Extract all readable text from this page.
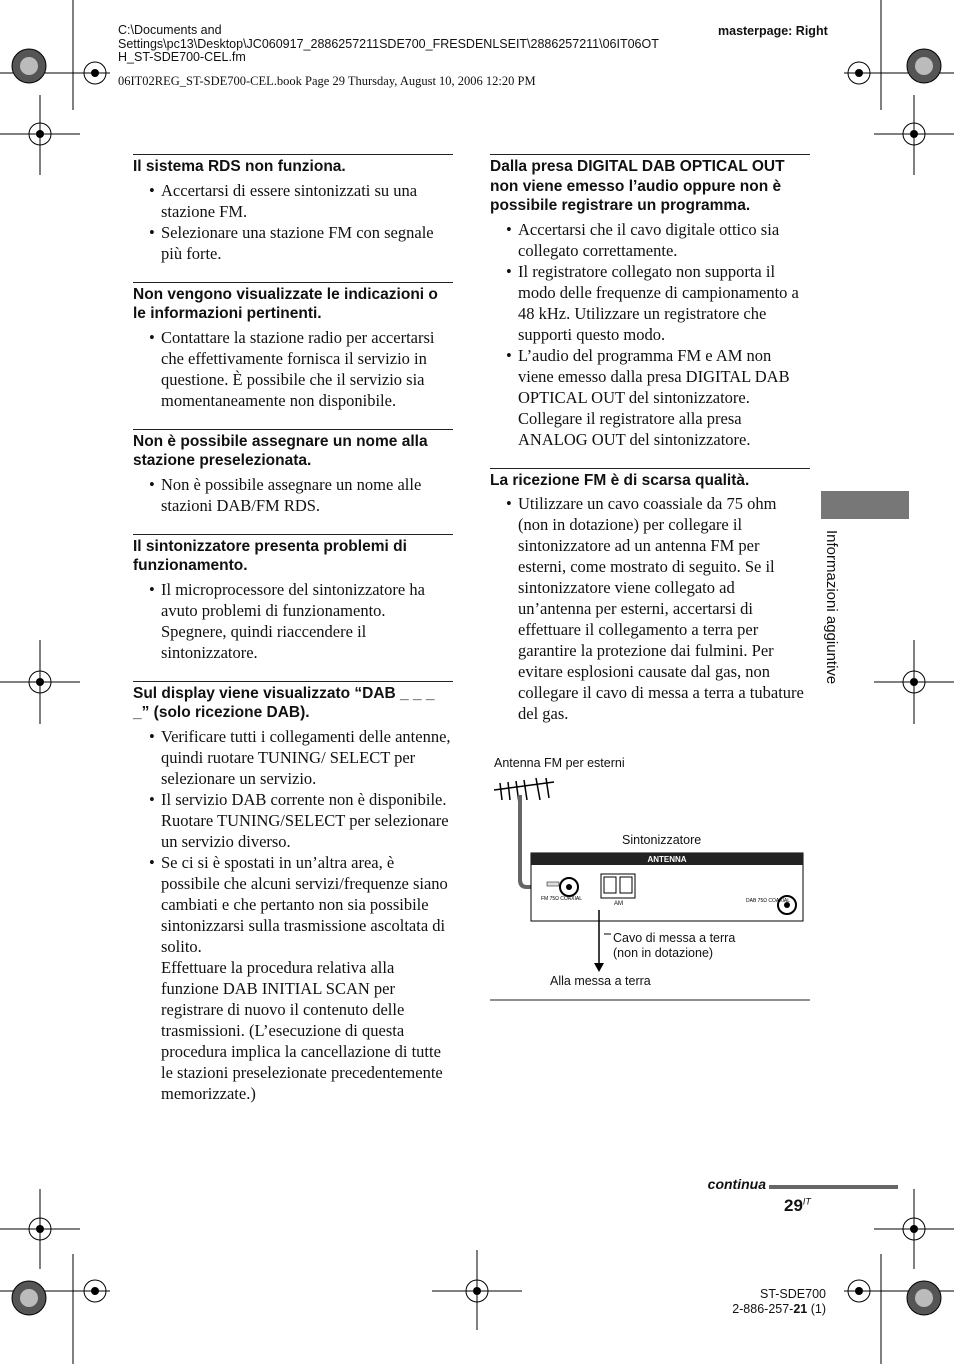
C:\Documents and
Settings\pc13\Desktop\JC060917_2886257211SDE700_FRESDENLSEIT\2886257211\06IT06OT
H_ST-SDE700-CEL.fm
masterpage: Right
06IT02REG_ST-SDE700-CEL.book Page 29 Thursday, August 10, 2006 12:20 PM
Il sistema RDS non funziona.
• Accertarsi di essere sintonizzati su una stazione FM.
• Selezionare una stazione FM con segnale più forte.
Non vengono visualizzate le indicazioni o le informazioni pertinenti.
• Contattare la stazione radio per accertarsi che effettivamente fornisca il servizio in questione. È possibile che il servizio sia momentaneamente non disponibile.
Non è possibile assegnare un nome alla stazione preselezionata.
• Non è possibile assegnare un nome alle stazioni DAB/FM RDS.
Il sintonizzatore presenta problemi di funzionamento.
• Il microprocessore del sintonizzatore ha avuto problemi di funzionamento. Spegnere, quindi riaccendere il sintonizzatore.
Sul display viene visualizzato “DAB _ _ _ _” (solo ricezione DAB).
• Verificare tutti i collegamenti delle antenne, quindi ruotare TUNING/ SELECT per selezionare un servizio.
• Il servizio DAB corrente non è disponibile.
Ruotare TUNING/SELECT per selezionare un servizio diverso.
• Se ci si è spostati in un’altra area, è possibile che alcuni servizi/frequenze siano cambiati e che pertanto non sia possibile sintonizzarsi sulla trasmissione ascoltata di solito.
Effettuare la procedura relativa alla funzione DAB INITIAL SCAN per registrare di nuovo il contenuto delle trasmissioni. (L’esecuzione di questa procedura implica la cancellazione di tutte le stazioni preselezionate precedentemente memorizzate.)
Dalla presa DIGITAL DAB OPTICAL OUT non viene emesso l’audio oppure non è possibile registrare un programma.
• Accertarsi che il cavo digitale ottico sia collegato correttamente.
• Il registratore collegato non supporta il modo delle frequenze di campionamento a 48 kHz. Utilizzare un registratore che supporti questo modo.
• L’audio del programma FM e AM non viene emesso dalla presa DIGITAL DAB OPTICAL OUT del sintonizzatore. Collegare il registratore alla presa ANALOG OUT del sintonizzatore.
La ricezione FM è di scarsa qualità.
• Utilizzare un cavo coassiale da 75 ohm (non in dotazione) per collegare il sintonizzatore ad un antenna FM per esterni, come mostrato di seguito. Se il sintonizzatore viene collegato ad un’antenna per esterni, accertarsi di effettuare il collegamento a terra per garantire la protezione dai fulmini. Per evitare esplosioni causate dal gas, non collegare il cavo di messa a terra a tubature del gas.
Informazioni aggiuntive
Antenna FM per esterni
Sintonizzatore
Cavo di messa a terra
(non in dotazione)
Alla messa a terra
ANTENNA
FM 75Ω COAXIAL
AM	DAB 75Ω COAXIAL
continua
$29^{IT}$
ST-SDE700
2-886-257-21 (1)
